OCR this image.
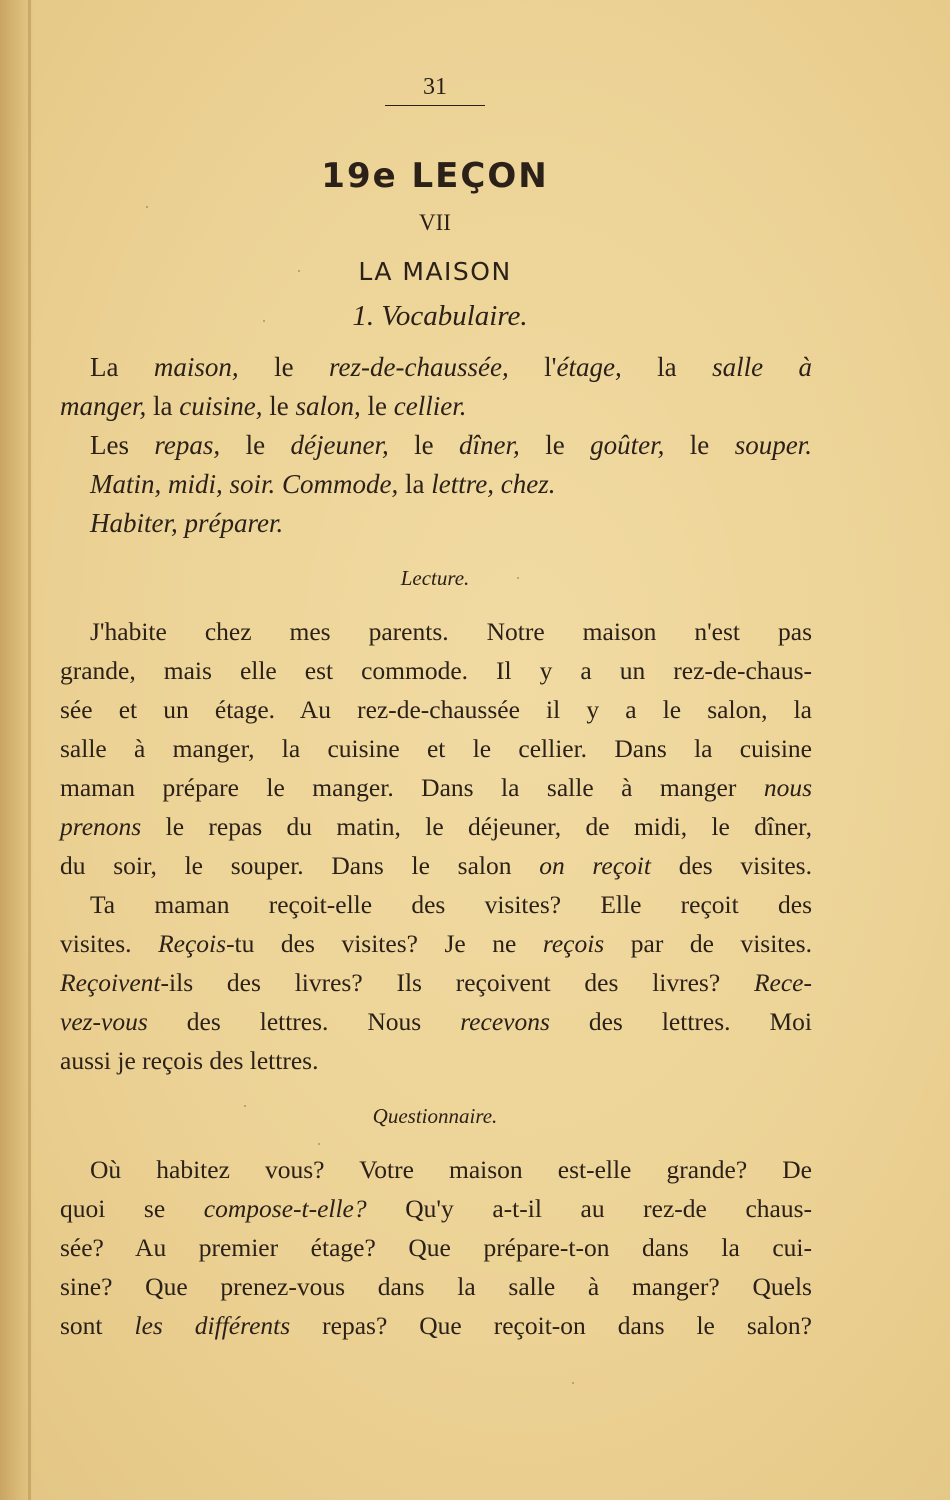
31
19e LEÇON
VII
LA MAISON
1. Vocabulaire.
La maison, le rez-de-chaussée, l'étage, la salle à
manger, la cuisine, le salon, le cellier.
Les repas, le déjeuner, le dîner, le goûter, le souper.
Matin, midi, soir. Commode, la lettre, chez.
Habiter, préparer.
Lecture.
J'habite chez mes parents. Notre maison n'est pas
grande, mais elle est commode. Il y a un rez-de-chaus-
sée et un étage. Au rez-de-chaussée il y a le salon, la
salle à manger, la cuisine et le cellier. Dans la cuisine
maman prépare le manger. Dans la salle à manger nous
prenons le repas du matin, le déjeuner, de midi, le dîner,
du soir, le souper. Dans le salon on reçoit des visites.
Ta maman reçoit-elle des visites? Elle reçoit des
visites. Reçois-tu des visites? Je ne reçois par de visites.
Reçoivent-ils des livres? Ils reçoivent des livres? Rece-
vez-vous des lettres. Nous recevons des lettres. Moi
aussi je reçois des lettres.
Questionnaire.
Où habitez vous? Votre maison est-elle grande? De
quoi se compose-t-elle? Qu'y a-t-il au rez-de chaus-
sée? Au premier étage? Que prépare-t-on dans la cui-
sine? Que prenez-vous dans la salle à manger? Quels
sont les différents repas? Que reçoit-on dans le salon?
